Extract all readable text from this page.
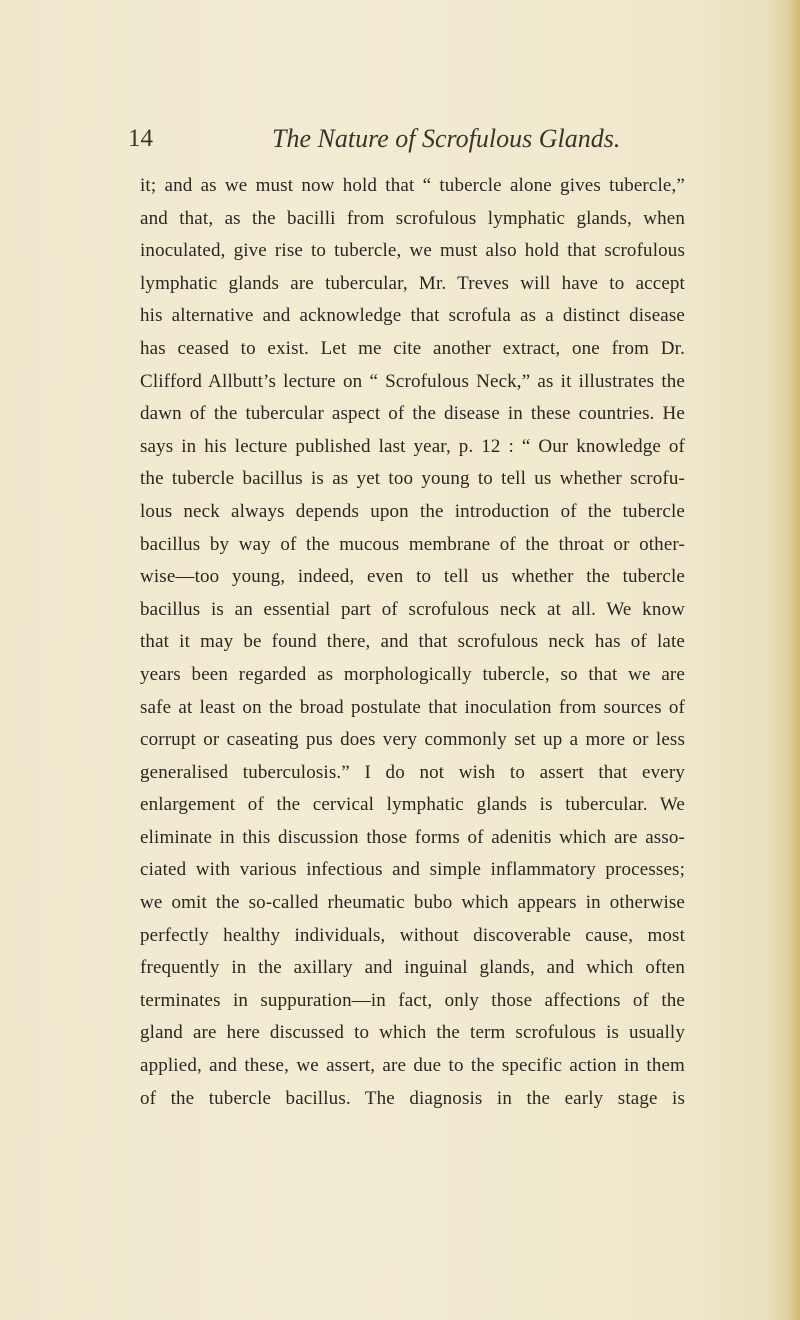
14	The Nature of Scrofulous Glands.
it; and as we must now hold that “ tubercle alone gives tubercle,”
and that, as the bacilli from scrofulous lymphatic glands, when
inoculated, give rise to tubercle, we must also hold that scrofulous
lymphatic glands are tubercular, Mr. Treves will have to accept
his alternative and acknowledge that scrofula as a distinct disease
has ceased to exist. Let me cite another extract, one from Dr.
Clifford Allbutt’s lecture on “ Scrofulous Neck,” as it illustrates the
dawn of the tubercular aspect of the disease in these countries. He
says in his lecture published last year, p. 12 : “ Our knowledge of
the tubercle bacillus is as yet too young to tell us whether scrofu-
lous neck always depends upon the introduction of the tubercle
bacillus by way of the mucous membrane of the throat or other-
wise—too young, indeed, even to tell us whether the tubercle
bacillus is an essential part of scrofulous neck at all. We know
that it may be found there, and that scrofulous neck has of late
years been regarded as morphologically tubercle, so that we are
safe at least on the broad postulate that inoculation from sources of
corrupt or caseating pus does very commonly set up a more or less
generalised tuberculosis.” I do not wish to assert that every
enlargement of the cervical lymphatic glands is tubercular. We
eliminate in this discussion those forms of adenitis which are asso-
ciated with various infectious and simple inflammatory processes;
we omit the so-called rheumatic bubo which appears in otherwise
perfectly healthy individuals, without discoverable cause, most
frequently in the axillary and inguinal glands, and which often
terminates in suppuration—in fact, only those affections of the
gland are here discussed to which the term scrofulous is usually
applied, and these, we assert, are due to the specific action in them
of the tubercle bacillus. The diagnosis in the early stage is
